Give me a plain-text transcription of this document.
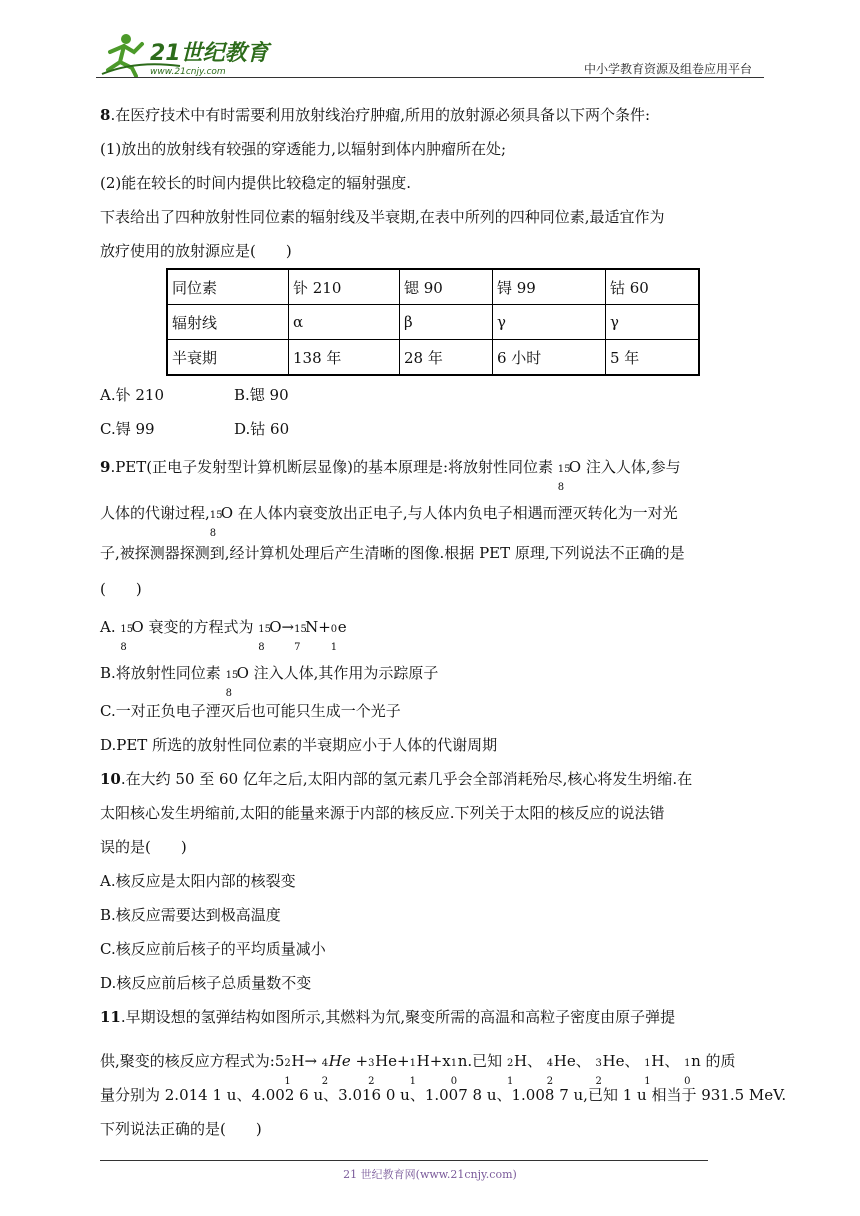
21世纪教育
www.21cnjy.com	中小学教育资源及组卷应用平台
8.在医疗技术中有时需要利用放射线治疗肿瘤,所用的放射源必须具备以下两个条件:
(1)放出的放射线有较强的穿透能力,以辐射到体内肿瘤所在处;
(2)能在较长的时间内提供比较稳定的辐射强度.
下表给出了四种放射性同位素的辐射线及半衰期,在表中所列的四种同位素,最适宜作为
放疗使用的放射源应是(　　)
同位素	钋 210	锶 90	锝 99	钴 60
辐射线	α	β	γ	γ
半衰期	138 年	28 年	6 小时	5 年
A.钋 210	B.锶 90
C.锝 99	D.钴 60
9.PET(正电子发射型计算机断层显像)的基本原理是:将放射性同位素 15
8
O 注入人体,参与
人体的代谢过程, 15
8
O 在人体内衰变放出正电子,与人体内负电子相遇而湮灭转化为一对光
子,被探测器探测到,经计算机处理后产生清晰的图像.根据 PET 原理,下列说法不正确的是
(　　)
A. 15
8
O 衰变的方程式为 15
8
O→ 15
7
N+ 0
1
e
B.将放射性同位素 15
8
O 注入人体,其作用为示踪原子
C.一对正负电子湮灭后也可能只生成一个光子
D.PET 所选的放射性同位素的半衰期应小于人体的代谢周期
10.在大约 50 至 60 亿年之后,太阳内部的氢元素几乎会全部消耗殆尽,核心将发生坍缩.在
太阳核心发生坍缩前,太阳的能量来源于内部的核反应.下列关于太阳的核反应的说法错
误的是(　　)
A.核反应是太阳内部的核裂变
B.核反应需要达到极高温度
C.核反应前后核子的平均质量减小
D.核反应前后核子总质量数不变
11.早期设想的氢弹结构如图所示,其燃料为氘,聚变所需的高温和高粒子密度由原子弹提
供,聚变的核反应方程式为:5 2
1
H→ 4
2
He + 3
2
He+ 1
1
H+x 1
0
n.已知 2
1
H、 4
2
He、 3
2
He、 1
1
H、 1
0
n 的质
量分别为 2.014 1 u、4.002 6 u、3.016 0 u、1.007 8 u、1.008 7 u,已知 1 u 相当于 931.5 MeV.
下列说法正确的是(　　)
21 世纪教育网(www.21cnjy.com)
